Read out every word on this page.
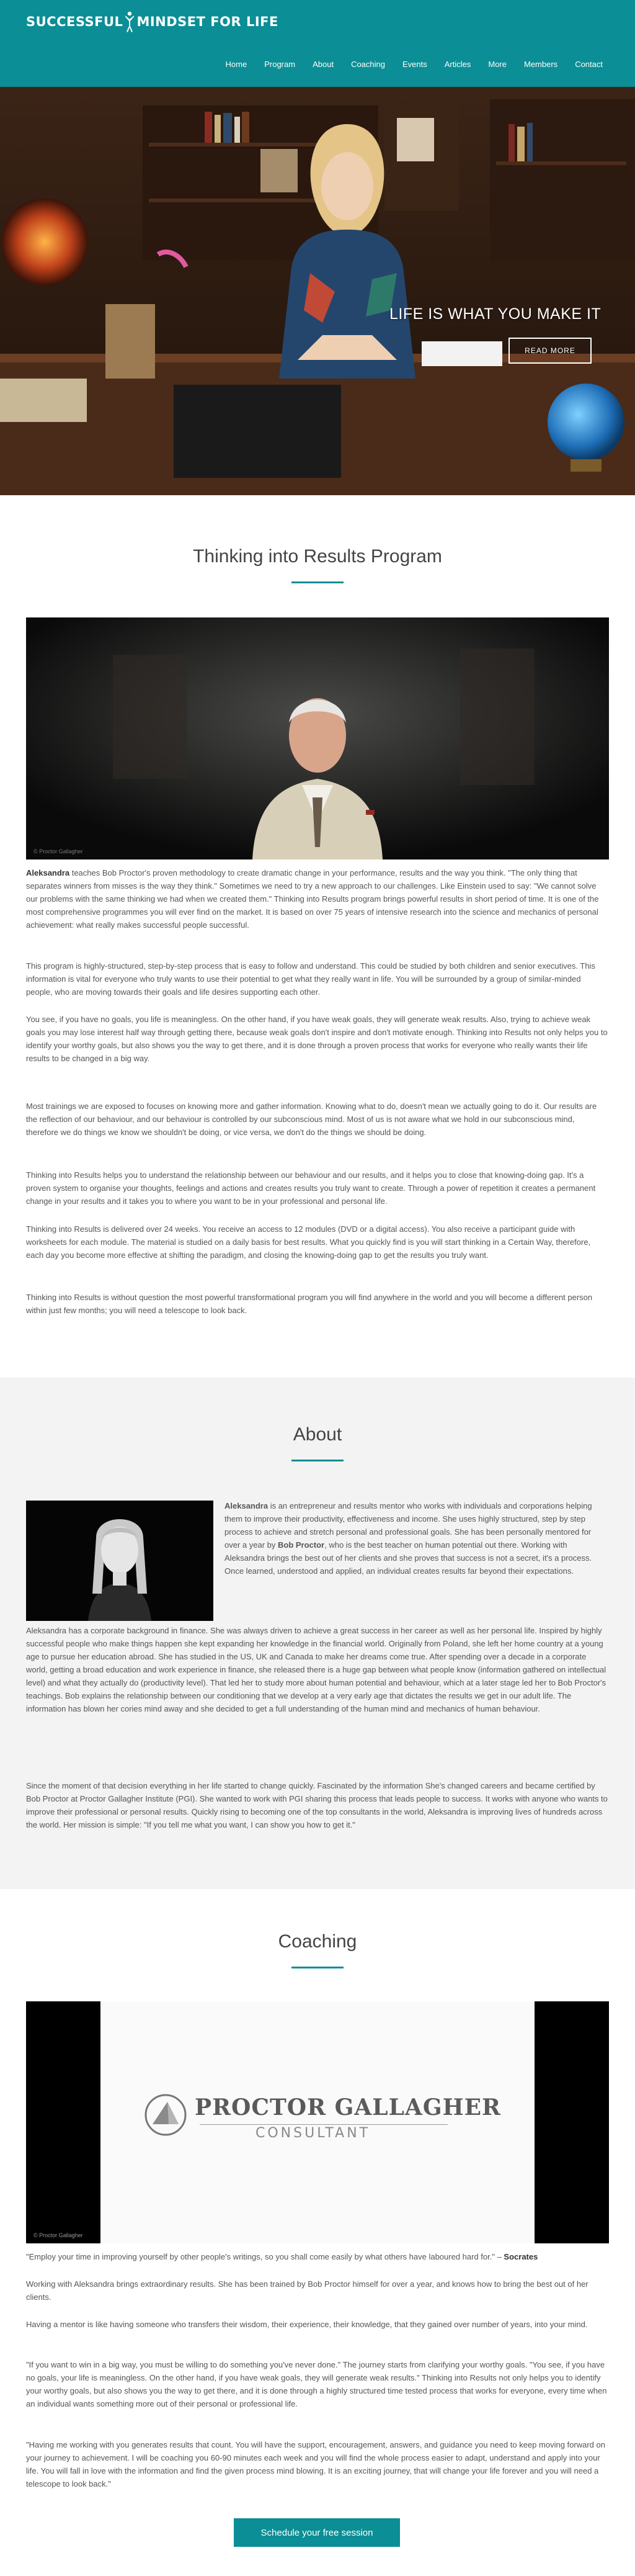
SUCCESSFUL MINDSET FOR LIFE
Home	Program	About	Coaching	Events	Articles	More	Members	Contact
LIFE IS WHAT YOU MAKE IT
READ MORE
Thinking into Results Program
© Proctor Gallagher
Aleksandra teaches Bob Proctor's proven methodology to create dramatic change in your performance, results and the way you think. "The only thing that separates winners from misses is the way they think." Sometimes we need to try a new approach to our challenges. Like Einstein used to say: "We cannot solve our problems with the same thinking we had when we created them." Thinking into Results program brings powerful results in short period of time. It is one of the most comprehensive programmes you will ever find on the market. It is based on over 75 years of intensive research into the science and mechanics of personal achievement: what really makes successful people successful.
This program is highly-structured, step-by-step process that is easy to follow and understand. This could be studied by both children and senior executives. This information is vital for everyone who truly wants to use their potential to get what they really want in life. You will be surrounded by a group of similar-minded people, who are moving towards their goals and life desires supporting each other.
You see, if you have no goals, you life is meaningless. On the other hand, if you have weak goals, they will generate weak results. Also, trying to achieve weak goals you may lose interest half way through getting there, because weak goals don't inspire and don't motivate enough. Thinking into Results not only helps you to identify your worthy goals, but also shows you the way to get there, and it is done through a proven process that works for everyone who really wants their life results to be changed in a big way.
Most trainings we are exposed to focuses on knowing more and gather information. Knowing what to do, doesn't mean we actually going to do it. Our results are the reflection of our behaviour, and our behaviour is controlled by our subconscious mind. Most of us is not aware what we hold in our subconscious mind, therefore we do things we know we shouldn't be doing, or vice versa, we don't do the things we should be doing.
Thinking into Results helps you to understand the relationship between our behaviour and our results, and it helps you to close that knowing-doing gap. It's a proven system to organise your thoughts, feelings and actions and creates results you truly want to create. Through a power of repetition it creates a permanent change in your results and it takes you to where you want to be in your professional and personal life.
Thinking into Results is delivered over 24 weeks. You receive an access to 12 modules (DVD or a digital access). You also receive a participant guide with worksheets for each module. The material is studied on a daily basis for best results. What you quickly find is you will start thinking in a Certain Way, therefore, each day you become more effective at shifting the paradigm, and closing the knowing-doing gap to get the results you truly want.
Thinking into Results is without question the most powerful transformational program you will find anywhere in the world and you will become a different person within just few months; you will need a telescope to look back.
About
Aleksandra is an entrepreneur and results mentor who works with individuals and corporations helping them to improve their productivity, effectiveness and income. She uses highly structured, step by step process to achieve and stretch personal and professional goals. She has been personally mentored for over a year by Bob Proctor, who is the best teacher on human potential out there. Working with Aleksandra brings the best out of her clients and she proves that success is not a secret, it's a process. Once learned, understood and applied, an individual creates results far beyond their expectations.
Aleksandra has a corporate background in finance. She was always driven to achieve a great success in her career as well as her personal life. Inspired by highly successful people who make things happen she kept expanding her knowledge in the financial world. Originally from Poland, she left her home country at a young age to pursue her education abroad. She has studied in the US, UK and Canada to make her dreams come true. After spending over a decade in a corporate world, getting a broad education and work experience in finance, she released there is a huge gap between what people know (information gathered on intellectual level) and what they actually do (productivity level). That led her to study more about human potential and behaviour, which at a later stage led her to Bob Proctor's teachings. Bob explains the relationship between our conditioning that we develop at a very early age that dictates the results we get in our adult life. The information has blown her cories mind away and she decided to get a full understanding of the human mind and mechanics of human behaviour.
Since the moment of that decision everything in her life started to change quickly. Fascinated by the information She's changed careers and became certified by Bob Proctor at Proctor Gallagher Institute (PGI). She wanted to work with PGI sharing this process that leads people to success. It works with anyone who wants to improve their professional or personal results. Quickly rising to becoming one of the top consultants in the world, Aleksandra is improving lives of hundreds across the world. Her mission is simple: "If you tell me what you want, I can show you how to get it."
Coaching
PROCTOR GALLAGHER
CONSULTANT
© Proctor Gallagher
"Employ your time in improving yourself by other people's writings, so you shall come easily by what others have laboured hard for." – Socrates
Working with Aleksandra brings extraordinary results. She has been trained by Bob Proctor himself for over a year, and knows how to bring the best out of her clients.
Having a mentor is like having someone who transfers their wisdom, their experience, their knowledge, that they gained over number of years, into your mind.
"If you want to win in a big way, you must be willing to do something you've never done." The journey starts from clarifying your worthy goals. "You see, if you have no goals, your life is meaningless. On the other hand, if you have weak goals, they will generate weak results." Thinking into Results not only helps you to identify your worthy goals, but also shows you the way to get there, and it is done through a highly structured time tested process that works for everyone, every time when an individual wants something more out of their personal or professional life.
"Having me working with you generates results that count. You will have the support, encouragement, answers, and guidance you need to keep moving forward on your journey to achievement. I will be coaching you 60-90 minutes each week and you will find the whole process easier to adapt, understand and apply into your life. You will fall in love with the information and find the given process mind blowing. It is an exciting journey, that will change your life forever and you will need a telescope to look back."
Schedule your free session
